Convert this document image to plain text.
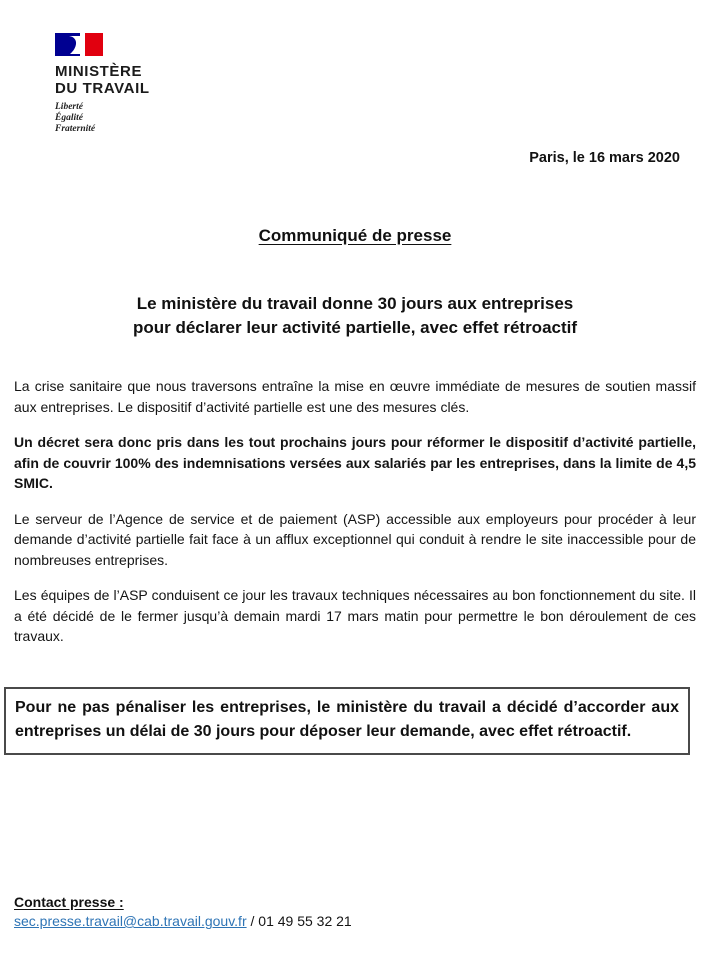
MINISTÈRE
DU TRAVAIL
Liberté
Égalité
Fraternité
Paris, le 16 mars 2020
Communiqué de presse
Le ministère du travail donne 30 jours aux entreprises
pour déclarer leur activité partielle, avec effet rétroactif

La crise sanitaire que nous traversons entraîne la mise en œuvre immédiate de mesures de soutien massif aux entreprises. Le dispositif d’activité partielle est une des mesures clés.

Un décret sera donc pris dans les tout prochains jours pour réformer le dispositif d’activité partielle, afin de couvrir 100% des indemnisations versées aux salariés par les entreprises, dans la limite de 4,5 SMIC.

Le serveur de l’Agence de service et de paiement (ASP) accessible aux employeurs pour procéder à leur demande d’activité partielle fait face à un afflux exceptionnel qui conduit à rendre le site inaccessible pour de nombreuses entreprises.

Les équipes de l’ASP conduisent ce jour les travaux techniques nécessaires au bon fonctionnement du site. Il a été décidé de le fermer jusqu’à demain mardi 17 mars matin pour permettre le bon déroulement de ces travaux.

Pour ne pas pénaliser les entreprises, le ministère du travail a décidé d’accorder aux entreprises un délai de 30 jours pour déposer leur demande, avec effet rétroactif.
Contact presse :
sec.presse.travail@cab.travail.gouv.fr / 01 49 55 32 21
